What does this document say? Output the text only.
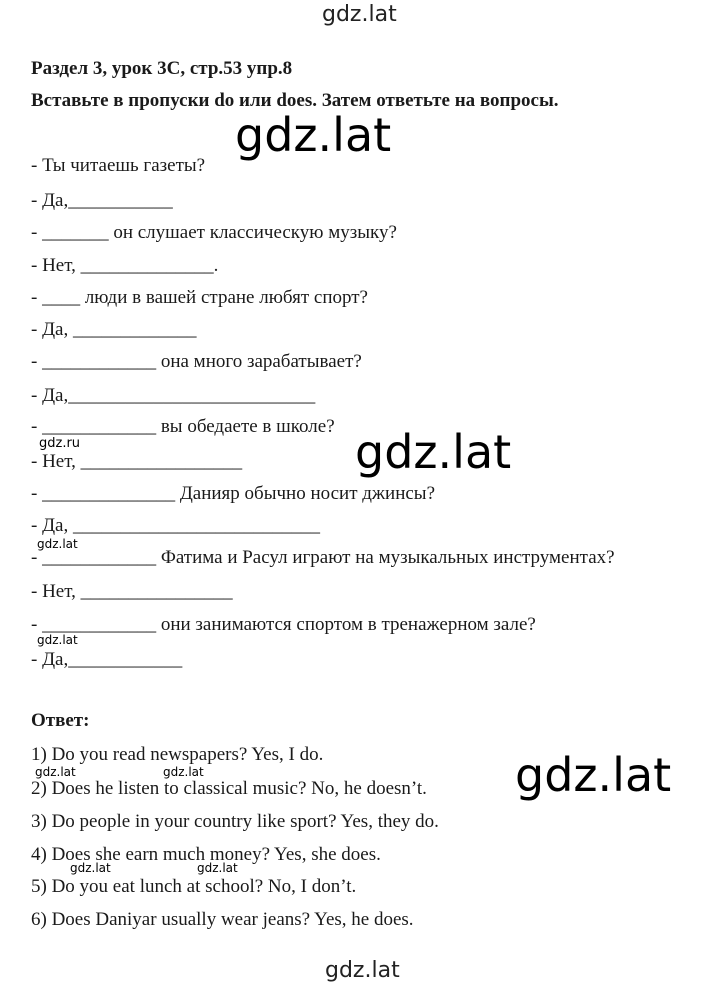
gdz.lat
Раздел 3, урок 3С, стр.53 упр.8
Вставьте в пропуски do или does. Затем ответьте на вопросы.
- Ты читаешь газеты?
- Да,___________
- _______ он слушает классическую музыку?
- Нет, ______________.
- ____ люди в вашей стране любят спорт?
- Да, _____________
- ____________ она много зарабатывает?
- Да,__________________________
- ____________ вы обедаете в школе?
- Нет, _________________
- ______________ Данияр обычно носит джинсы?
- Да, __________________________
- ____________ Фатима и Расул играют на музыкальных инструментах?
- Нет, ________________
- ____________ они занимаются спортом в тренажерном зале?
- Да,____________
Ответ:
1) Do you read newspapers? Yes, I do.
2) Does he listen to classical music? No, he doesn’t.
3) Do people in your country like sport? Yes, they do.
4) Does she earn much money? Yes, she does.
5) Do you eat lunch at school? No, I don’t.
6) Does Daniyar usually wear jeans? Yes, he does.
gdz.lat
gdz.lat
gdz.lat
gdz.ru
gdz.lat
gdz.lat
gdz.lat	gdz.lat
gdz.lat	gdz.lat
gdz.lat
